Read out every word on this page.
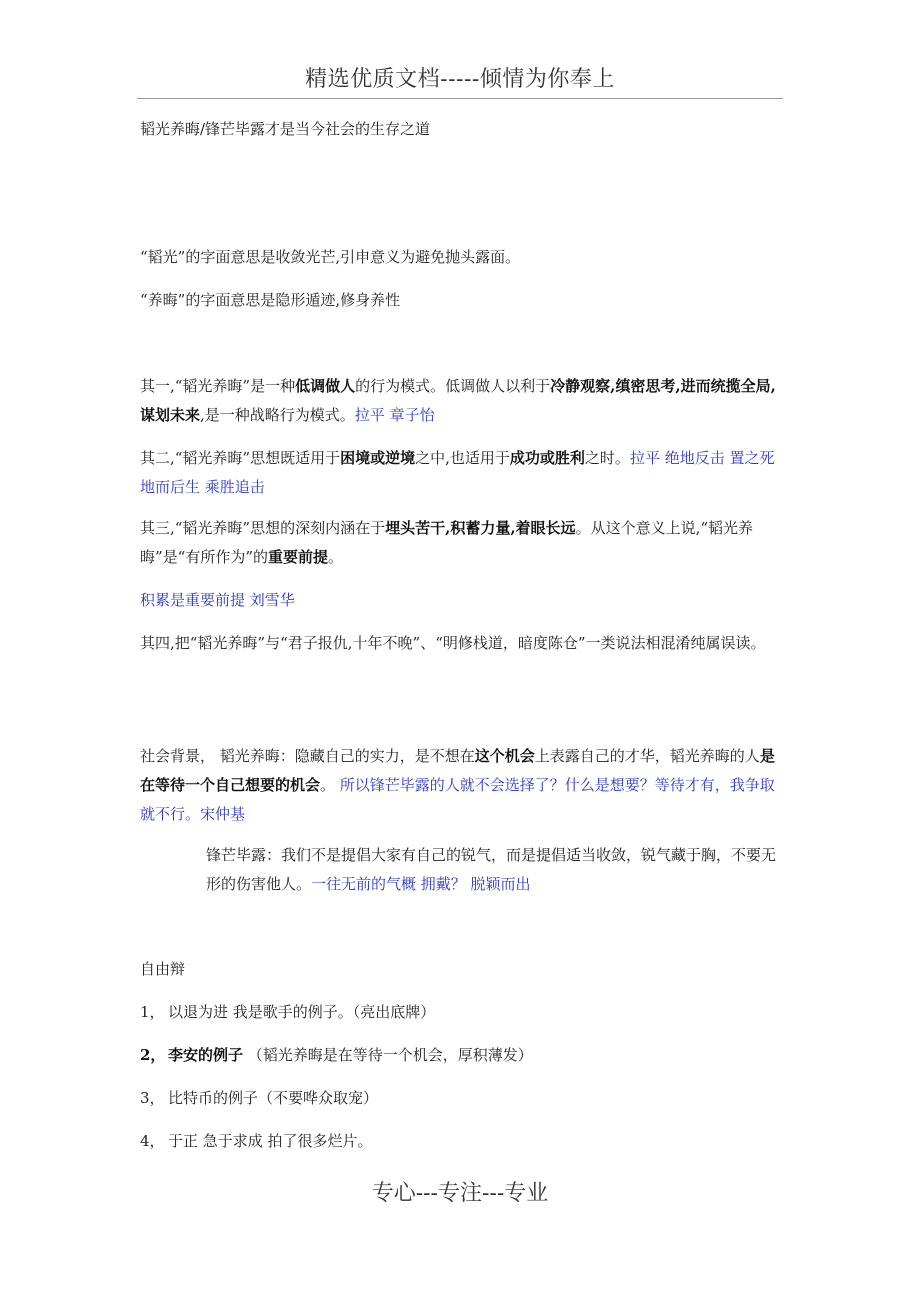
精选优质文档-----倾情为你奉上

韬光养晦/锋芒毕露才是当今社会的生存之道

“韬光”的字面意思是收敛光芒,引申意义为避免抛头露面。

“养晦”的字面意思是隐形遁迹,修身养性

其一,“韬光养晦”是一种低调做人的行为模式。低调做人以利于冷静观察,缜密思考,进而统揽全局,谋划未来,是一种战略行为模式。拉平 章子怡

其二,“韬光养晦”思想既适用于困境或逆境之中,也适用于成功或胜利之时。拉平 绝地反击 置之死地而后生 乘胜追击

其三,“韬光养晦”思想的深刻内涵在于埋头苦干,积蓄力量,着眼长远。从这个意义上说,“韬光养晦”是“有所作为”的重要前提。

积累是重要前提 刘雪华

其四,把“韬光养晦”与“君子报仇,十年不晚”、“明修栈道，暗度陈仓”一类说法相混淆纯属误读。

社会背景， 韬光养晦：隐藏自己的实力，是不想在这个机会上表露自己的才华，韬光养晦的人是在等待一个自己想要的机会。 所以锋芒毕露的人就不会选择了？什么是想要？等待才有，我争取就不行。宋仲基

锋芒毕露：我们不是提倡大家有自己的锐气，而是提倡适当收敛，锐气藏于胸，不要无形的伤害他人。一往无前的气概 拥戴？ 脱颖而出

自由辩

1， 以退为进 我是歌手的例子。（亮出底牌）

2， 李安的例子 （韬光养晦是在等待一个机会，厚积薄发）

3， 比特币的例子（不要哗众取宠）

4， 于正 急于求成 拍了很多烂片。

专心---专注---专业
